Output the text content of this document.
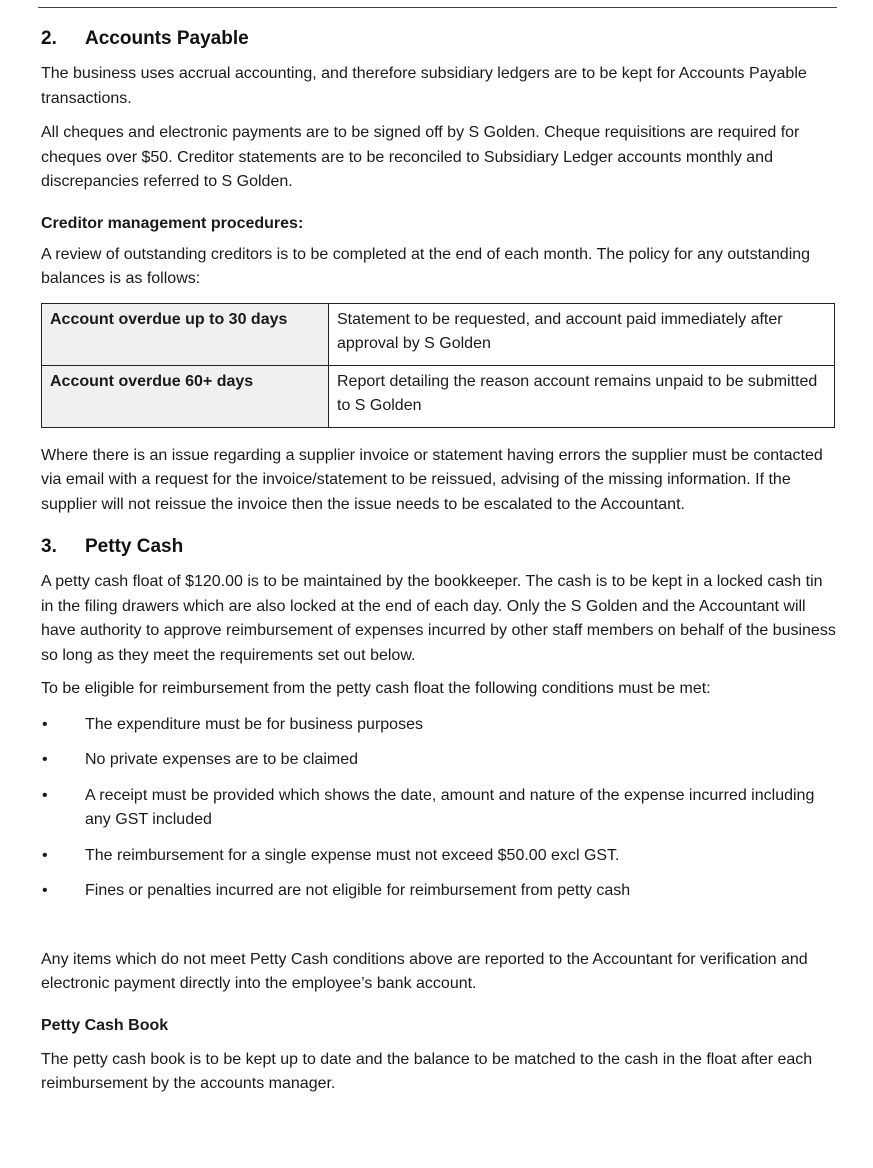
2.	Accounts Payable

The business uses accrual accounting, and therefore subsidiary ledgers are to be kept for Accounts Payable transactions.

All cheques and electronic payments are to be signed off by S Golden. Cheque requisitions are required for cheques over $50. Creditor statements are to be reconciled to Subsidiary Ledger accounts monthly and discrepancies referred to S Golden.

Creditor management procedures:

A review of outstanding creditors is to be completed at the end of each month. The policy for any outstanding balances is as follows:

Account overdue up to 30 days	Statement to be requested, and account paid immediately after approval by S Golden
Account overdue 60+ days	Report detailing the reason account remains unpaid to be submitted to S Golden

Where there is an issue regarding a supplier invoice or statement having errors the supplier must be contacted via email with a request for the invoice/statement to be reissued, advising of the missing information. If the supplier will not reissue the invoice then the issue needs to be escalated to the Accountant.

3.	Petty Cash

A petty cash float of $120.00 is to be maintained by the bookkeeper. The cash is to be kept in a locked cash tin in the filing drawers which are also locked at the end of each day. Only the S Golden and the Accountant will have authority to approve reimbursement of expenses incurred by other staff members on behalf of the business so long as they meet the requirements set out below.

To be eligible for reimbursement from the petty cash float the following conditions must be met:

• The expenditure must be for business purposes
• No private expenses are to be claimed
• A receipt must be provided which shows the date, amount and nature of the expense incurred including any GST included
• The reimbursement for a single expense must not exceed $50.00 excl GST.
• Fines or penalties incurred are not eligible for reimbursement from petty cash

Any items which do not meet Petty Cash conditions above are reported to the Accountant for verification and electronic payment directly into the employee’s bank account.

Petty Cash Book

The petty cash book is to be kept up to date and the balance to be matched to the cash in the float after each reimbursement by the accounts manager.
